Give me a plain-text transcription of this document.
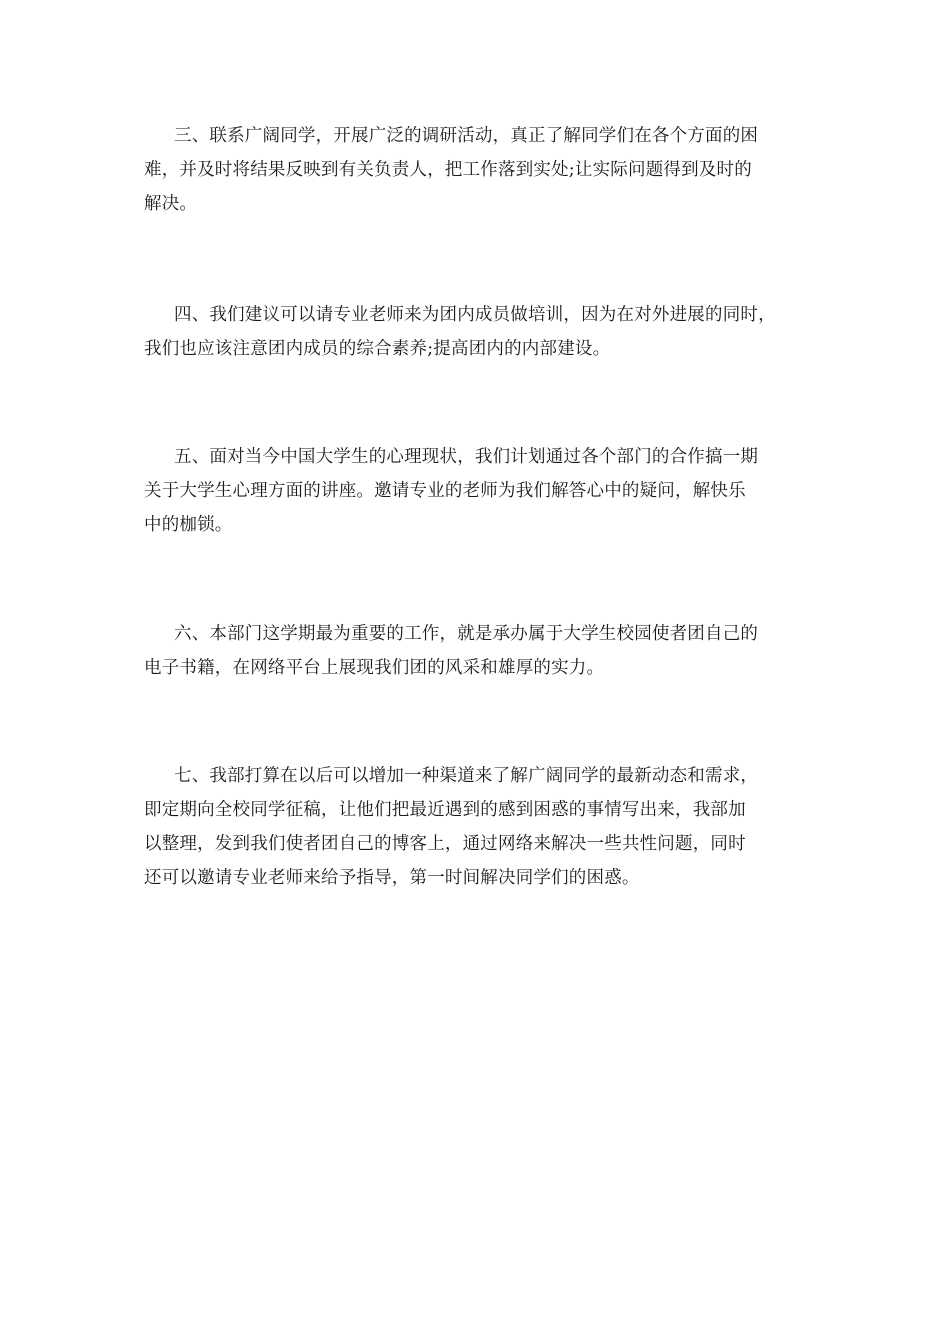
三、联系广阔同学，开展广泛的调研活动，真正了解同学们在各个方面的困
难，并及时将结果反映到有关负责人，把工作落到实处;让实际问题得到及时的
解决。
四、我们建议可以请专业老师来为团内成员做培训，因为在对外进展的同时，
我们也应该注意团内成员的综合素养;提高团内的内部建设。
五、面对当今中国大学生的心理现状，我们计划通过各个部门的合作搞一期
关于大学生心理方面的讲座。邀请专业的老师为我们解答心中的疑问，解快乐
中的枷锁。
六、本部门这学期最为重要的工作，就是承办属于大学生校园使者团自己的
电子书籍，在网络平台上展现我们团的风采和雄厚的实力。
七、我部打算在以后可以增加一种渠道来了解广阔同学的最新动态和需求，
即定期向全校同学征稿，让他们把最近遇到的感到困惑的事情写出来，我部加
以整理，发到我们使者团自己的博客上，通过网络来解决一些共性问题，同时
还可以邀请专业老师来给予指导，第一时间解决同学们的困惑。
